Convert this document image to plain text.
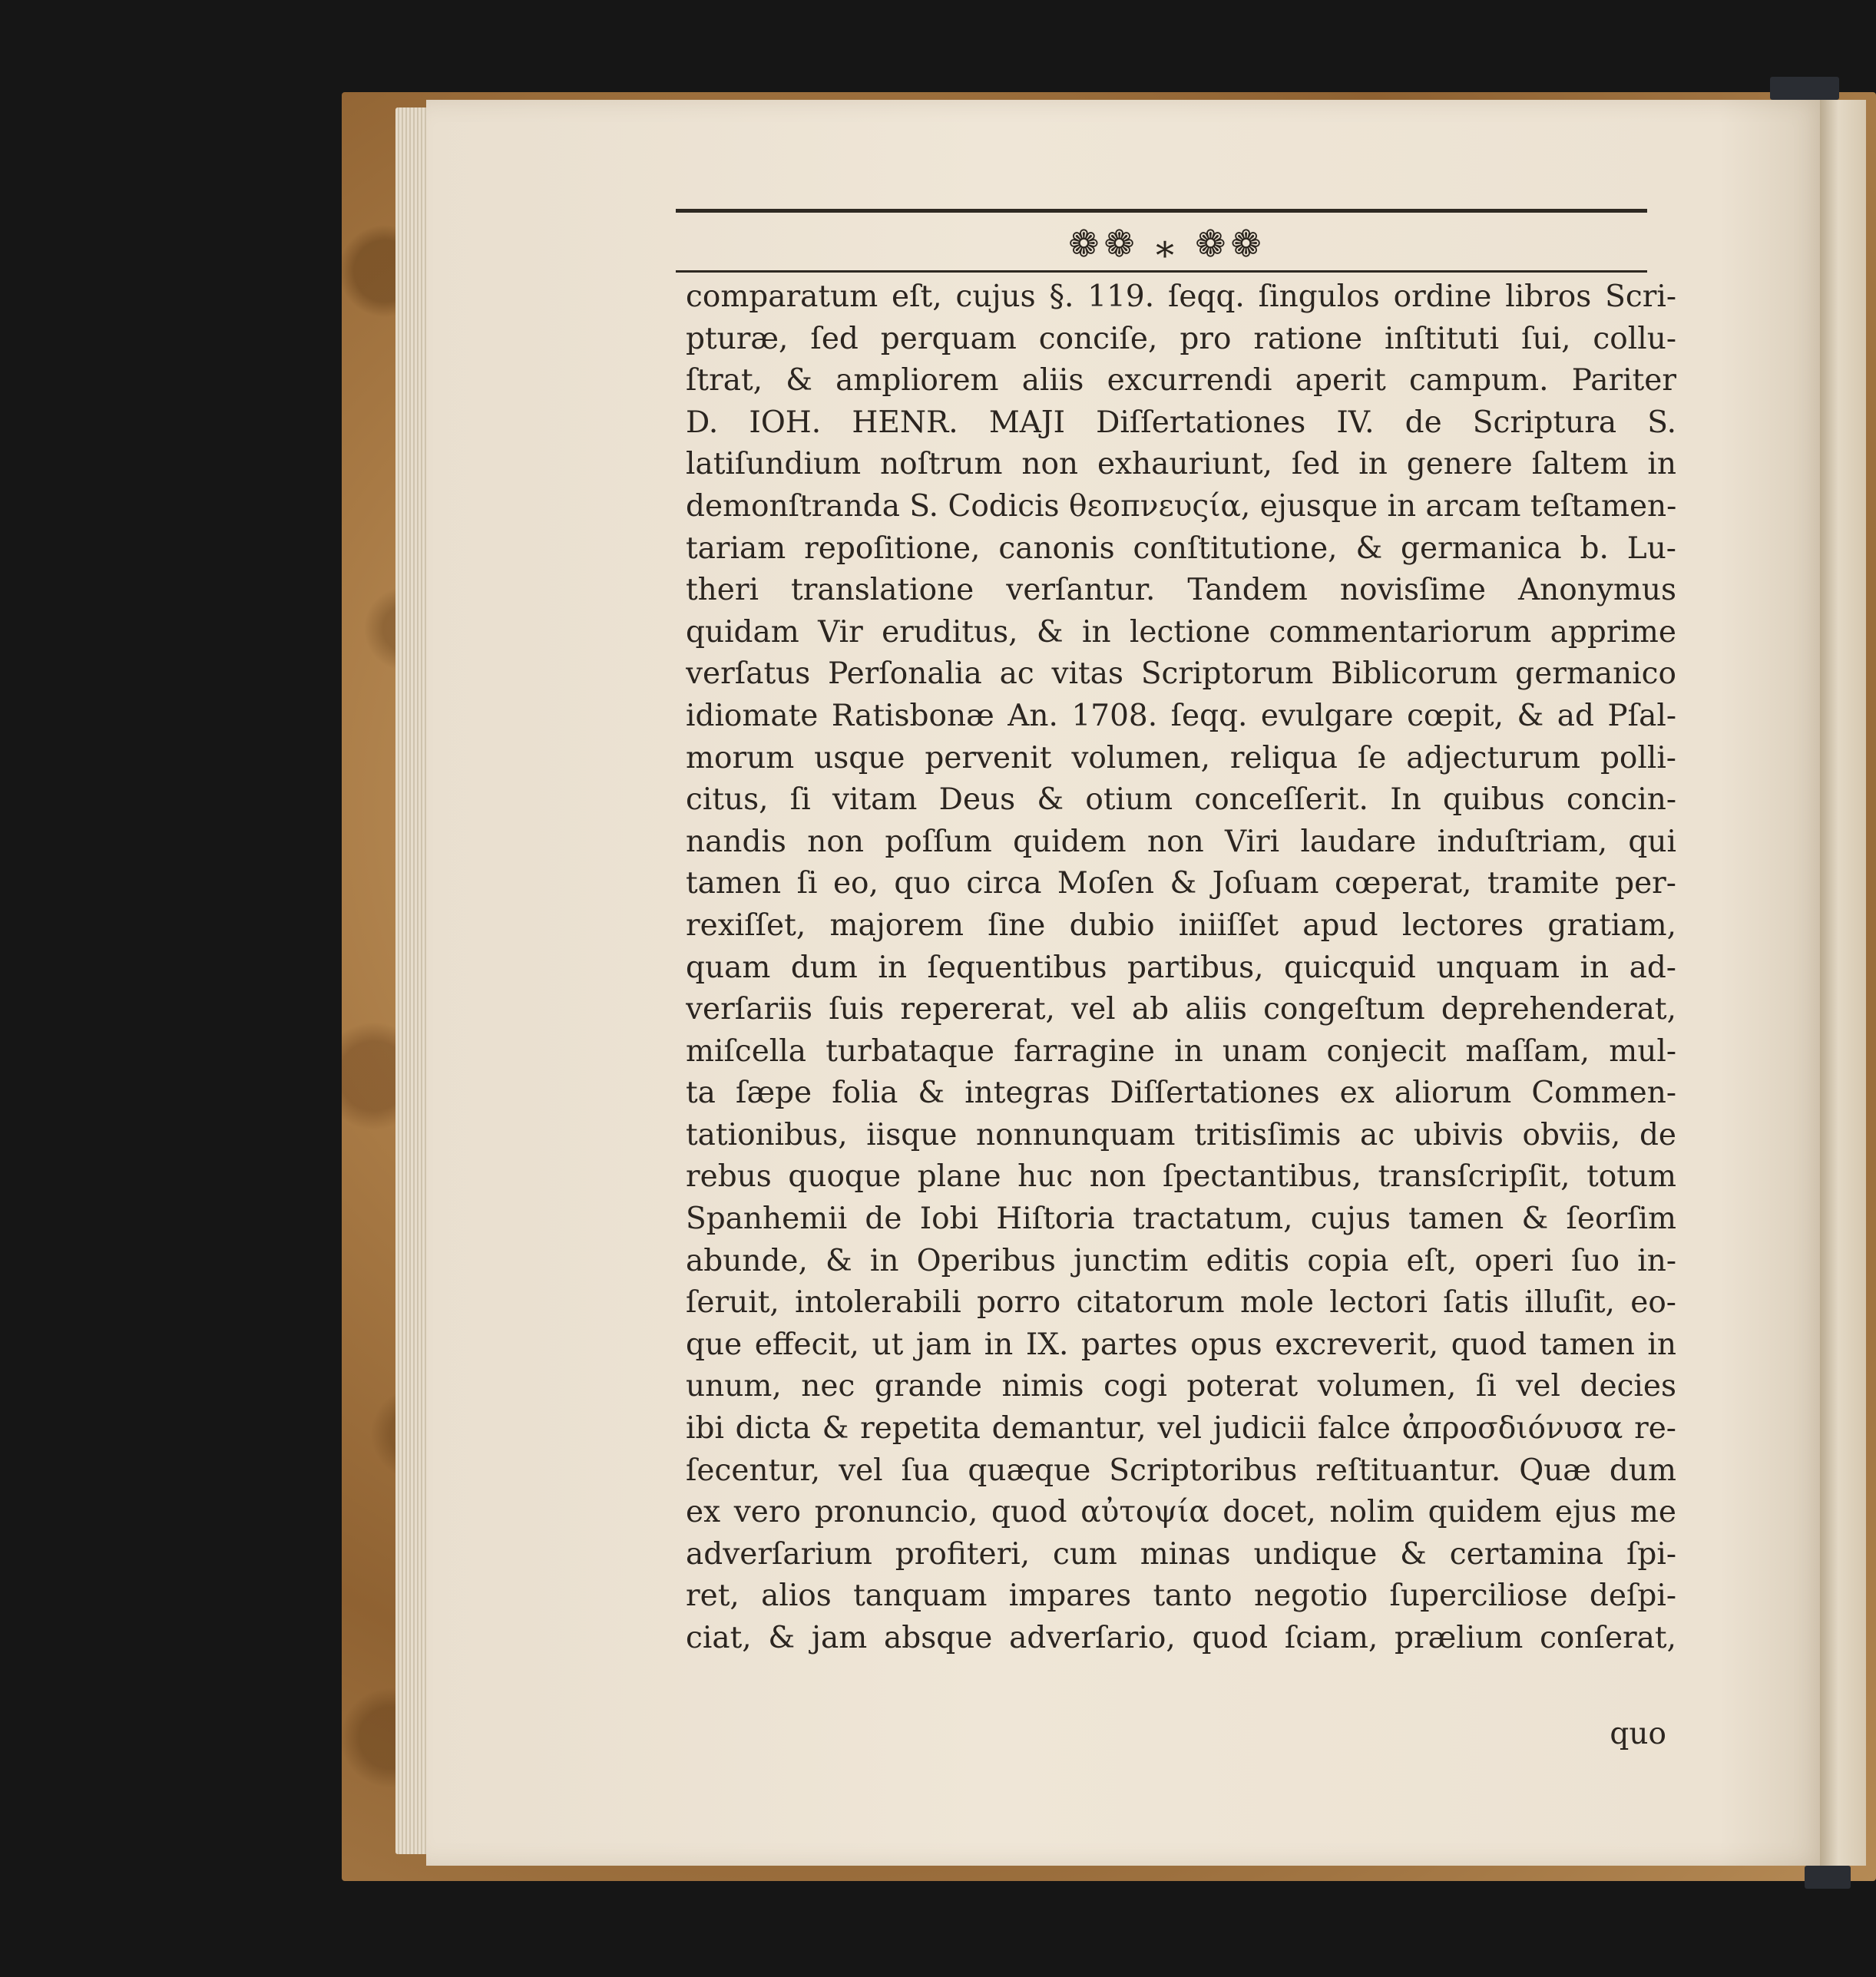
❁❁ ⁎ ❁❁
comparatum eſt, cujus §. 119. ſeqq. ſingulos ordine libros Scri-
pturæ, ſed perquam conciſe, pro ratione inſtituti ſui, collu-
ſtrat, & ampliorem aliis excurrendi aperit campum. Pariter
D. IOH. HENR. MAJI Diſſertationes IV. de Scriptura S.
latiſundium noſtrum non exhauriunt, ſed in genere ſaltem in
demonſtranda S. Codicis θεοπνευςία, ejusque in arcam teſtamen-
tariam repoſitione, canonis conſtitutione, & germanica b. Lu-
theri translatione verſantur. Tandem novisſime Anonymus
quidam Vir eruditus, & in lectione commentariorum apprime
verſatus Perſonalia ac vitas Scriptorum Biblicorum germanico
idiomate Ratisbonæ An. 1708. ſeqq. evulgare cœpit, & ad Pſal-
morum usque pervenit volumen, reliqua ſe adjecturum polli-
citus, ſi vitam Deus & otium conceſſerit. In quibus concin-
nandis non poſſum quidem non Viri laudare induſtriam, qui
tamen ſi eo, quo circa Moſen & Joſuam cœperat, tramite per-
rexiſſet, majorem ſine dubio iniiſſet apud lectores gratiam,
quam dum in ſequentibus partibus, quicquid unquam in ad-
verſariis ſuis repererat, vel ab aliis congeſtum deprehenderat,
miſcella turbataque farragine in unam conjecit maſſam, mul-
ta ſæpe folia & integras Diſſertationes ex aliorum Commen-
tationibus, iisque nonnunquam tritisſimis ac ubivis obviis, de
rebus quoque plane huc non ſpectantibus, transſcripſit, totum
Spanhemii de Iobi Hiſtoria tractatum, cujus tamen & ſeorſim
abunde, & in Operibus junctim editis copia eſt, operi ſuo in-
ſeruit, intolerabili porro citatorum mole lectori ſatis illuſit, eo-
que effecit, ut jam in IX. partes opus excreverit, quod tamen in
unum, nec grande nimis cogi poterat volumen, ſi vel decies
ibi dicta & repetita demantur, vel judicii falce ἀπροσδιόνυσα re-
ſecentur, vel ſua quæque Scriptoribus reſtituantur. Quæ dum
ex vero pronuncio, quod αὐτοψία docet, nolim quidem ejus me
adverſarium profiteri, cum minas undique & certamina ſpi-
ret, alios tanquam impares tanto negotio ſuperciliose deſpi-
ciat, & jam absque adverſario, quod ſciam, prælium conſerat,
quo
